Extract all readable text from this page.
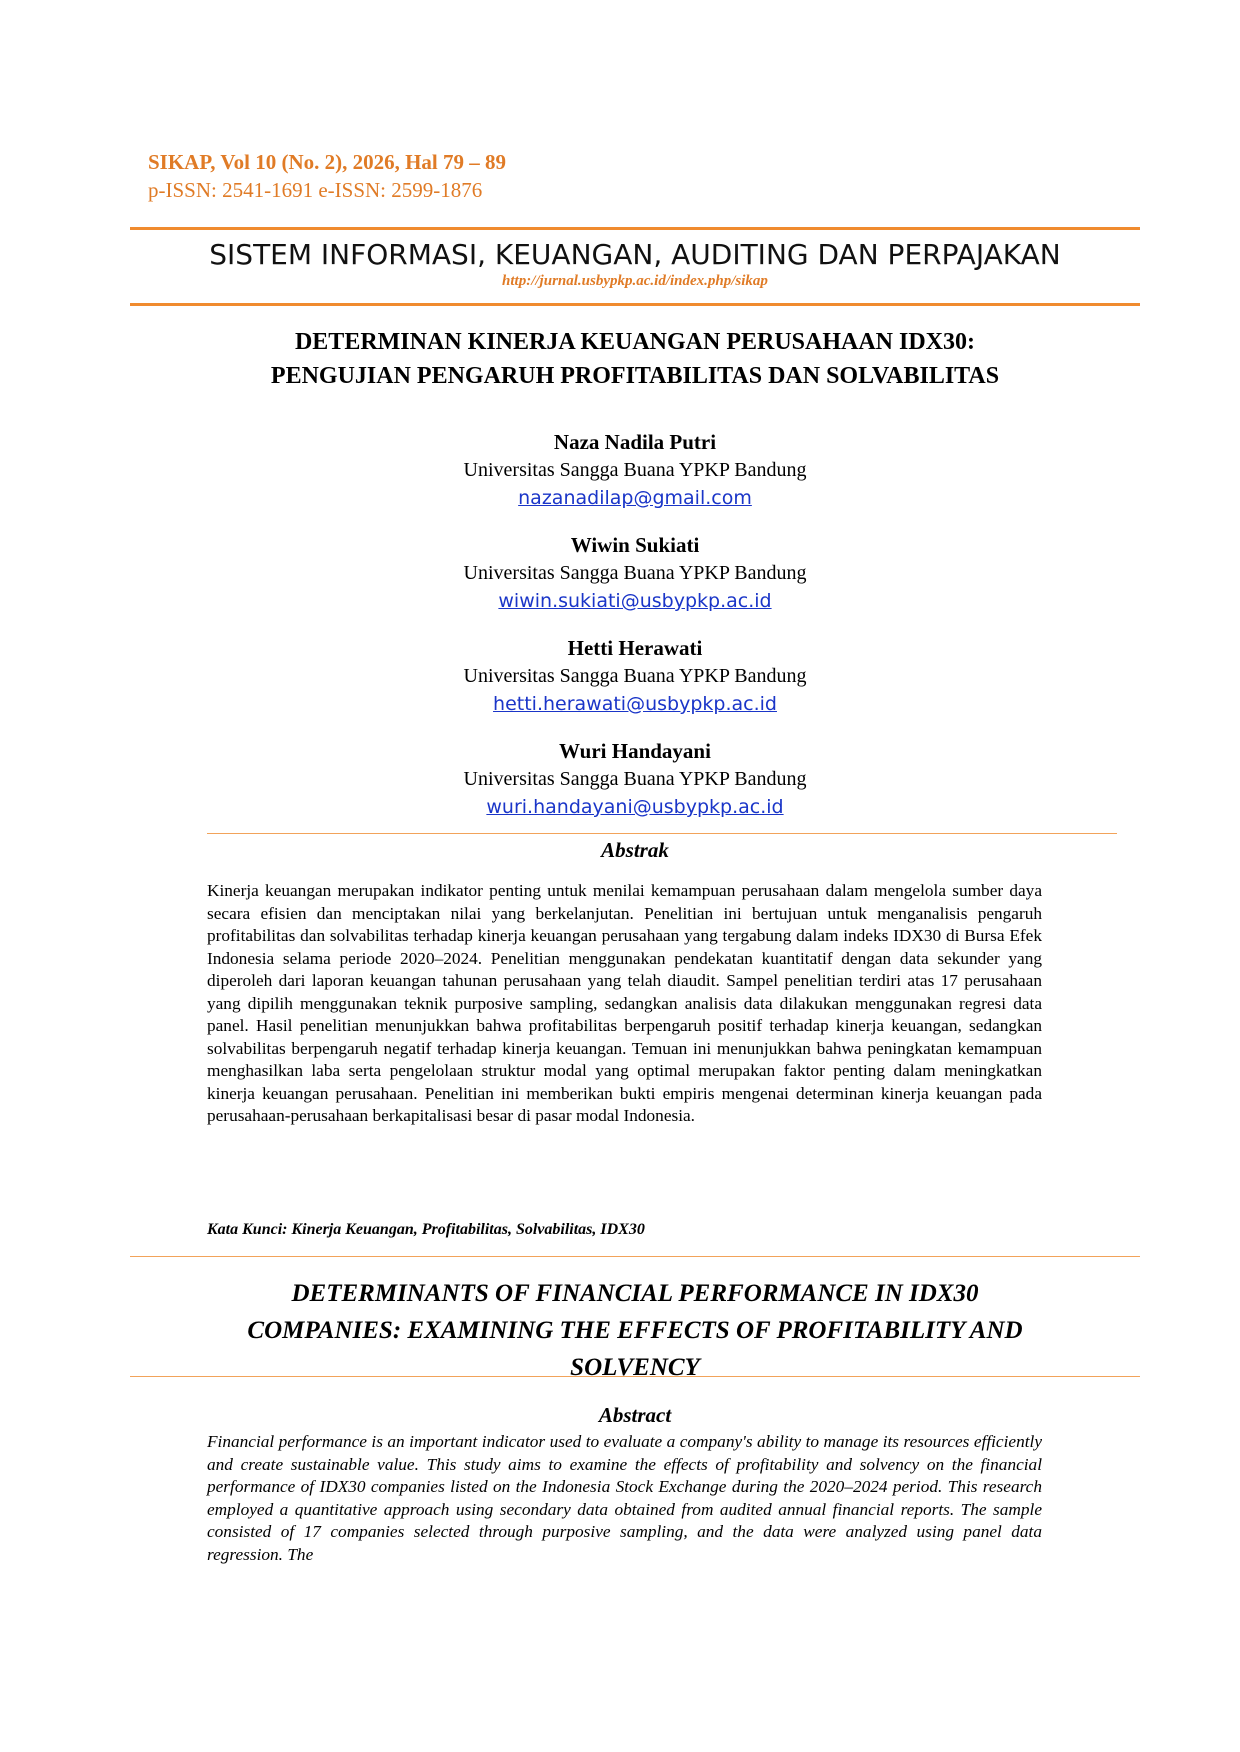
SIKAP, Vol 10 (No. 2), 2026, Hal 79 – 89
p-ISSN: 2541-1691 e-ISSN: 2599-1876
SISTEM INFORMASI, KEUANGAN, AUDITING DAN PERPAJAKAN
http://jurnal.usbypkp.ac.id/index.php/sikap
DETERMINAN KINERJA KEUANGAN PERUSAHAAN IDX30:
PENGUJIAN PENGARUH PROFITABILITAS DAN SOLVABILITAS
Naza Nadila Putri
Universitas Sangga Buana YPKP Bandung
nazanadilap@gmail.com
Wiwin Sukiati
Universitas Sangga Buana YPKP Bandung
wiwin.sukiati@usbypkp.ac.id
Hetti Herawati
Universitas Sangga Buana YPKP Bandung
hetti.herawati@usbypkp.ac.id
Wuri Handayani
Universitas Sangga Buana YPKP Bandung
wuri.handayani@usbypkp.ac.id
Abstrak
Kinerja keuangan merupakan indikator penting untuk menilai kemampuan perusahaan dalam mengelola sumber daya secara efisien dan menciptakan nilai yang berkelanjutan. Penelitian ini bertujuan untuk menganalisis pengaruh profitabilitas dan solvabilitas terhadap kinerja keuangan perusahaan yang tergabung dalam indeks IDX30 di Bursa Efek Indonesia selama periode 2020–2024. Penelitian menggunakan pendekatan kuantitatif dengan data sekunder yang diperoleh dari laporan keuangan tahunan perusahaan yang telah diaudit. Sampel penelitian terdiri atas 17 perusahaan yang dipilih menggunakan teknik purposive sampling, sedangkan analisis data dilakukan menggunakan regresi data panel. Hasil penelitian menunjukkan bahwa profitabilitas berpengaruh positif terhadap kinerja keuangan, sedangkan solvabilitas berpengaruh negatif terhadap kinerja keuangan. Temuan ini menunjukkan bahwa peningkatan kemampuan menghasilkan laba serta pengelolaan struktur modal yang optimal merupakan faktor penting dalam meningkatkan kinerja keuangan perusahaan. Penelitian ini memberikan bukti empiris mengenai determinan kinerja keuangan pada perusahaan-perusahaan berkapitalisasi besar di pasar modal Indonesia.
Kata Kunci: Kinerja Keuangan, Profitabilitas, Solvabilitas, IDX30
DETERMINANTS OF FINANCIAL PERFORMANCE IN IDX30
COMPANIES: EXAMINING THE EFFECTS OF PROFITABILITY AND
SOLVENCY
Abstract
Financial performance is an important indicator used to evaluate a company's ability to manage its resources efficiently and create sustainable value. This study aims to examine the effects of profitability and solvency on the financial performance of IDX30 companies listed on the Indonesia Stock Exchange during the 2020–2024 period. This research employed a quantitative approach using secondary data obtained from audited annual financial reports. The sample consisted of 17 companies selected through purposive sampling, and the data were analyzed using panel data regression. The
